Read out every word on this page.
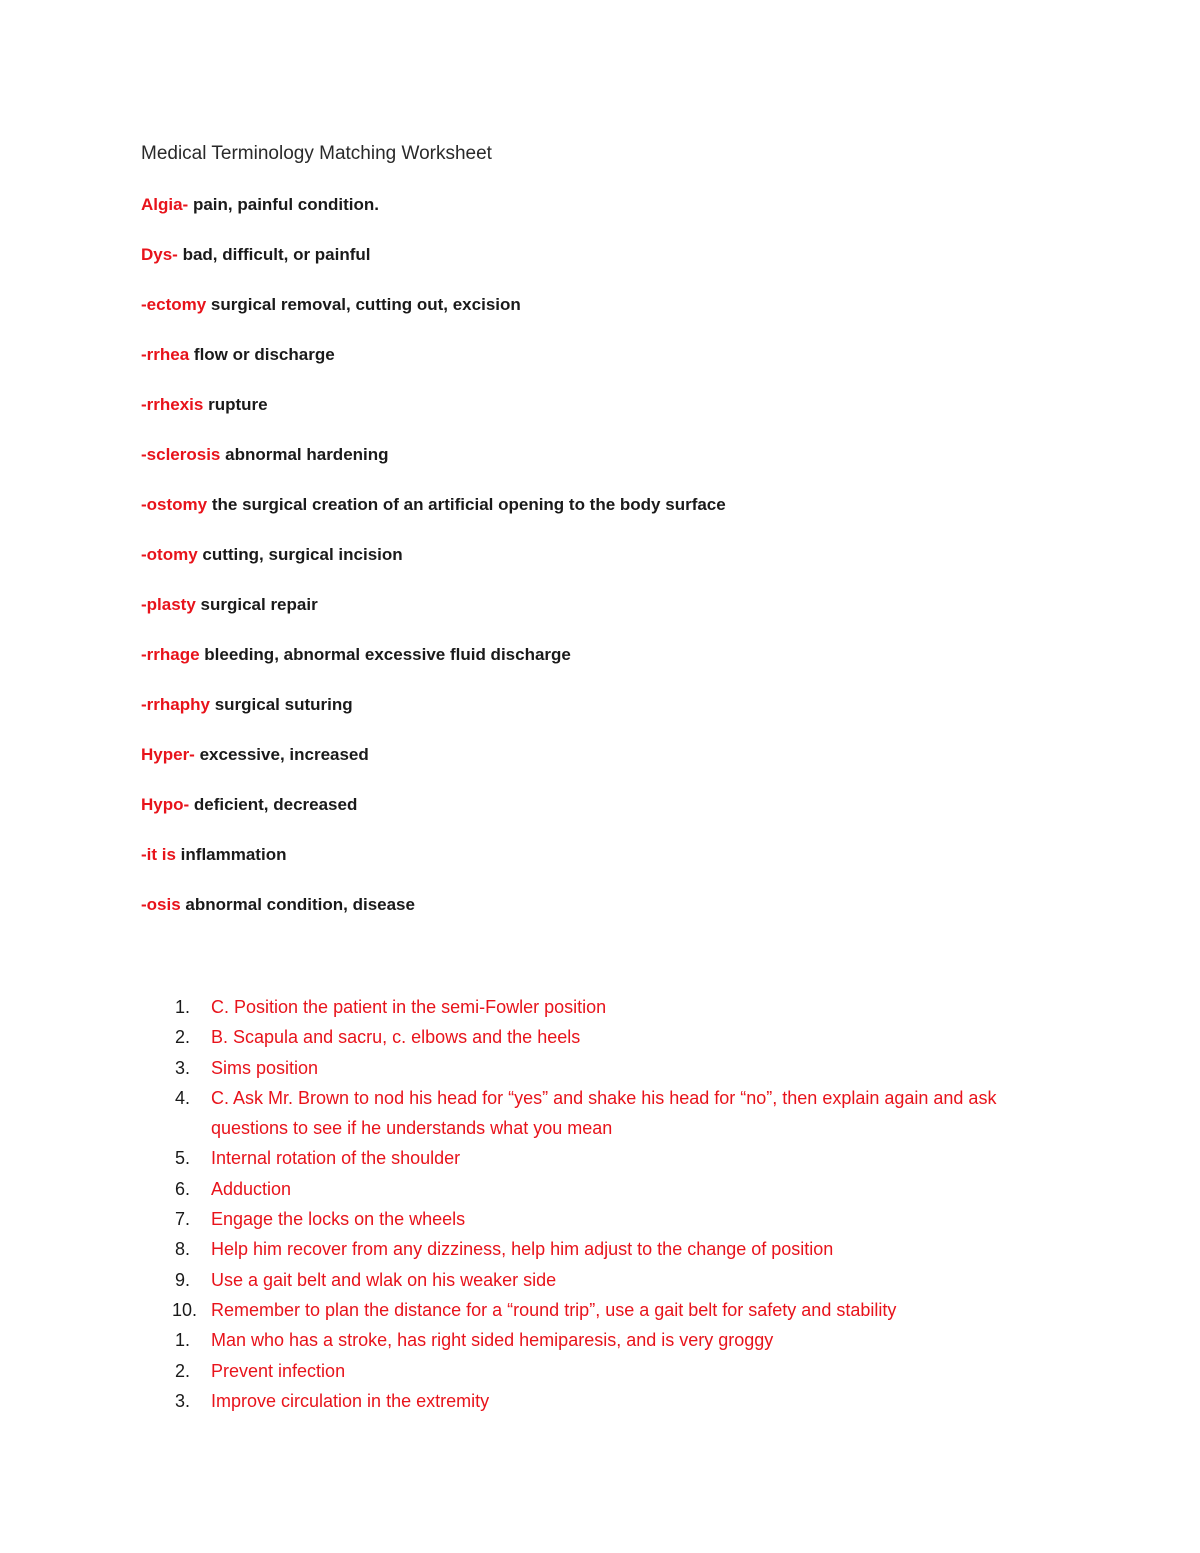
Medical Terminology Matching Worksheet
Algia- pain, painful condition.
Dys- bad, difficult, or painful
-ectomy surgical removal, cutting out, excision
-rrhea flow or discharge
-rrhexis rupture
-sclerosis abnormal hardening
-ostomy the surgical creation of an artificial opening to the body surface
-otomy cutting, surgical incision
-plasty surgical repair
-rrhage bleeding, abnormal excessive fluid discharge
-rrhaphy surgical suturing
Hyper- excessive, increased
Hypo- deficient, decreased
-it is inflammation
-osis abnormal condition, disease
1. C. Position the patient in the semi-Fowler position
2. B. Scapula and sacru, c. elbows and the heels
3. Sims position
4. C. Ask Mr. Brown to nod his head for “yes” and shake his head for “no”, then explain again and ask questions to see if he understands what you mean
5. Internal rotation of the shoulder
6. Adduction
7. Engage the locks on the wheels
8. Help him recover from any dizziness, help him adjust to the change of position
9. Use a gait belt and wlak on his weaker side
10. Remember to plan the distance for a “round trip”, use a gait belt for safety and stability
1. Man who has a stroke, has right sided hemiparesis, and is very groggy
2. Prevent infection
3. Improve circulation in the extremity
